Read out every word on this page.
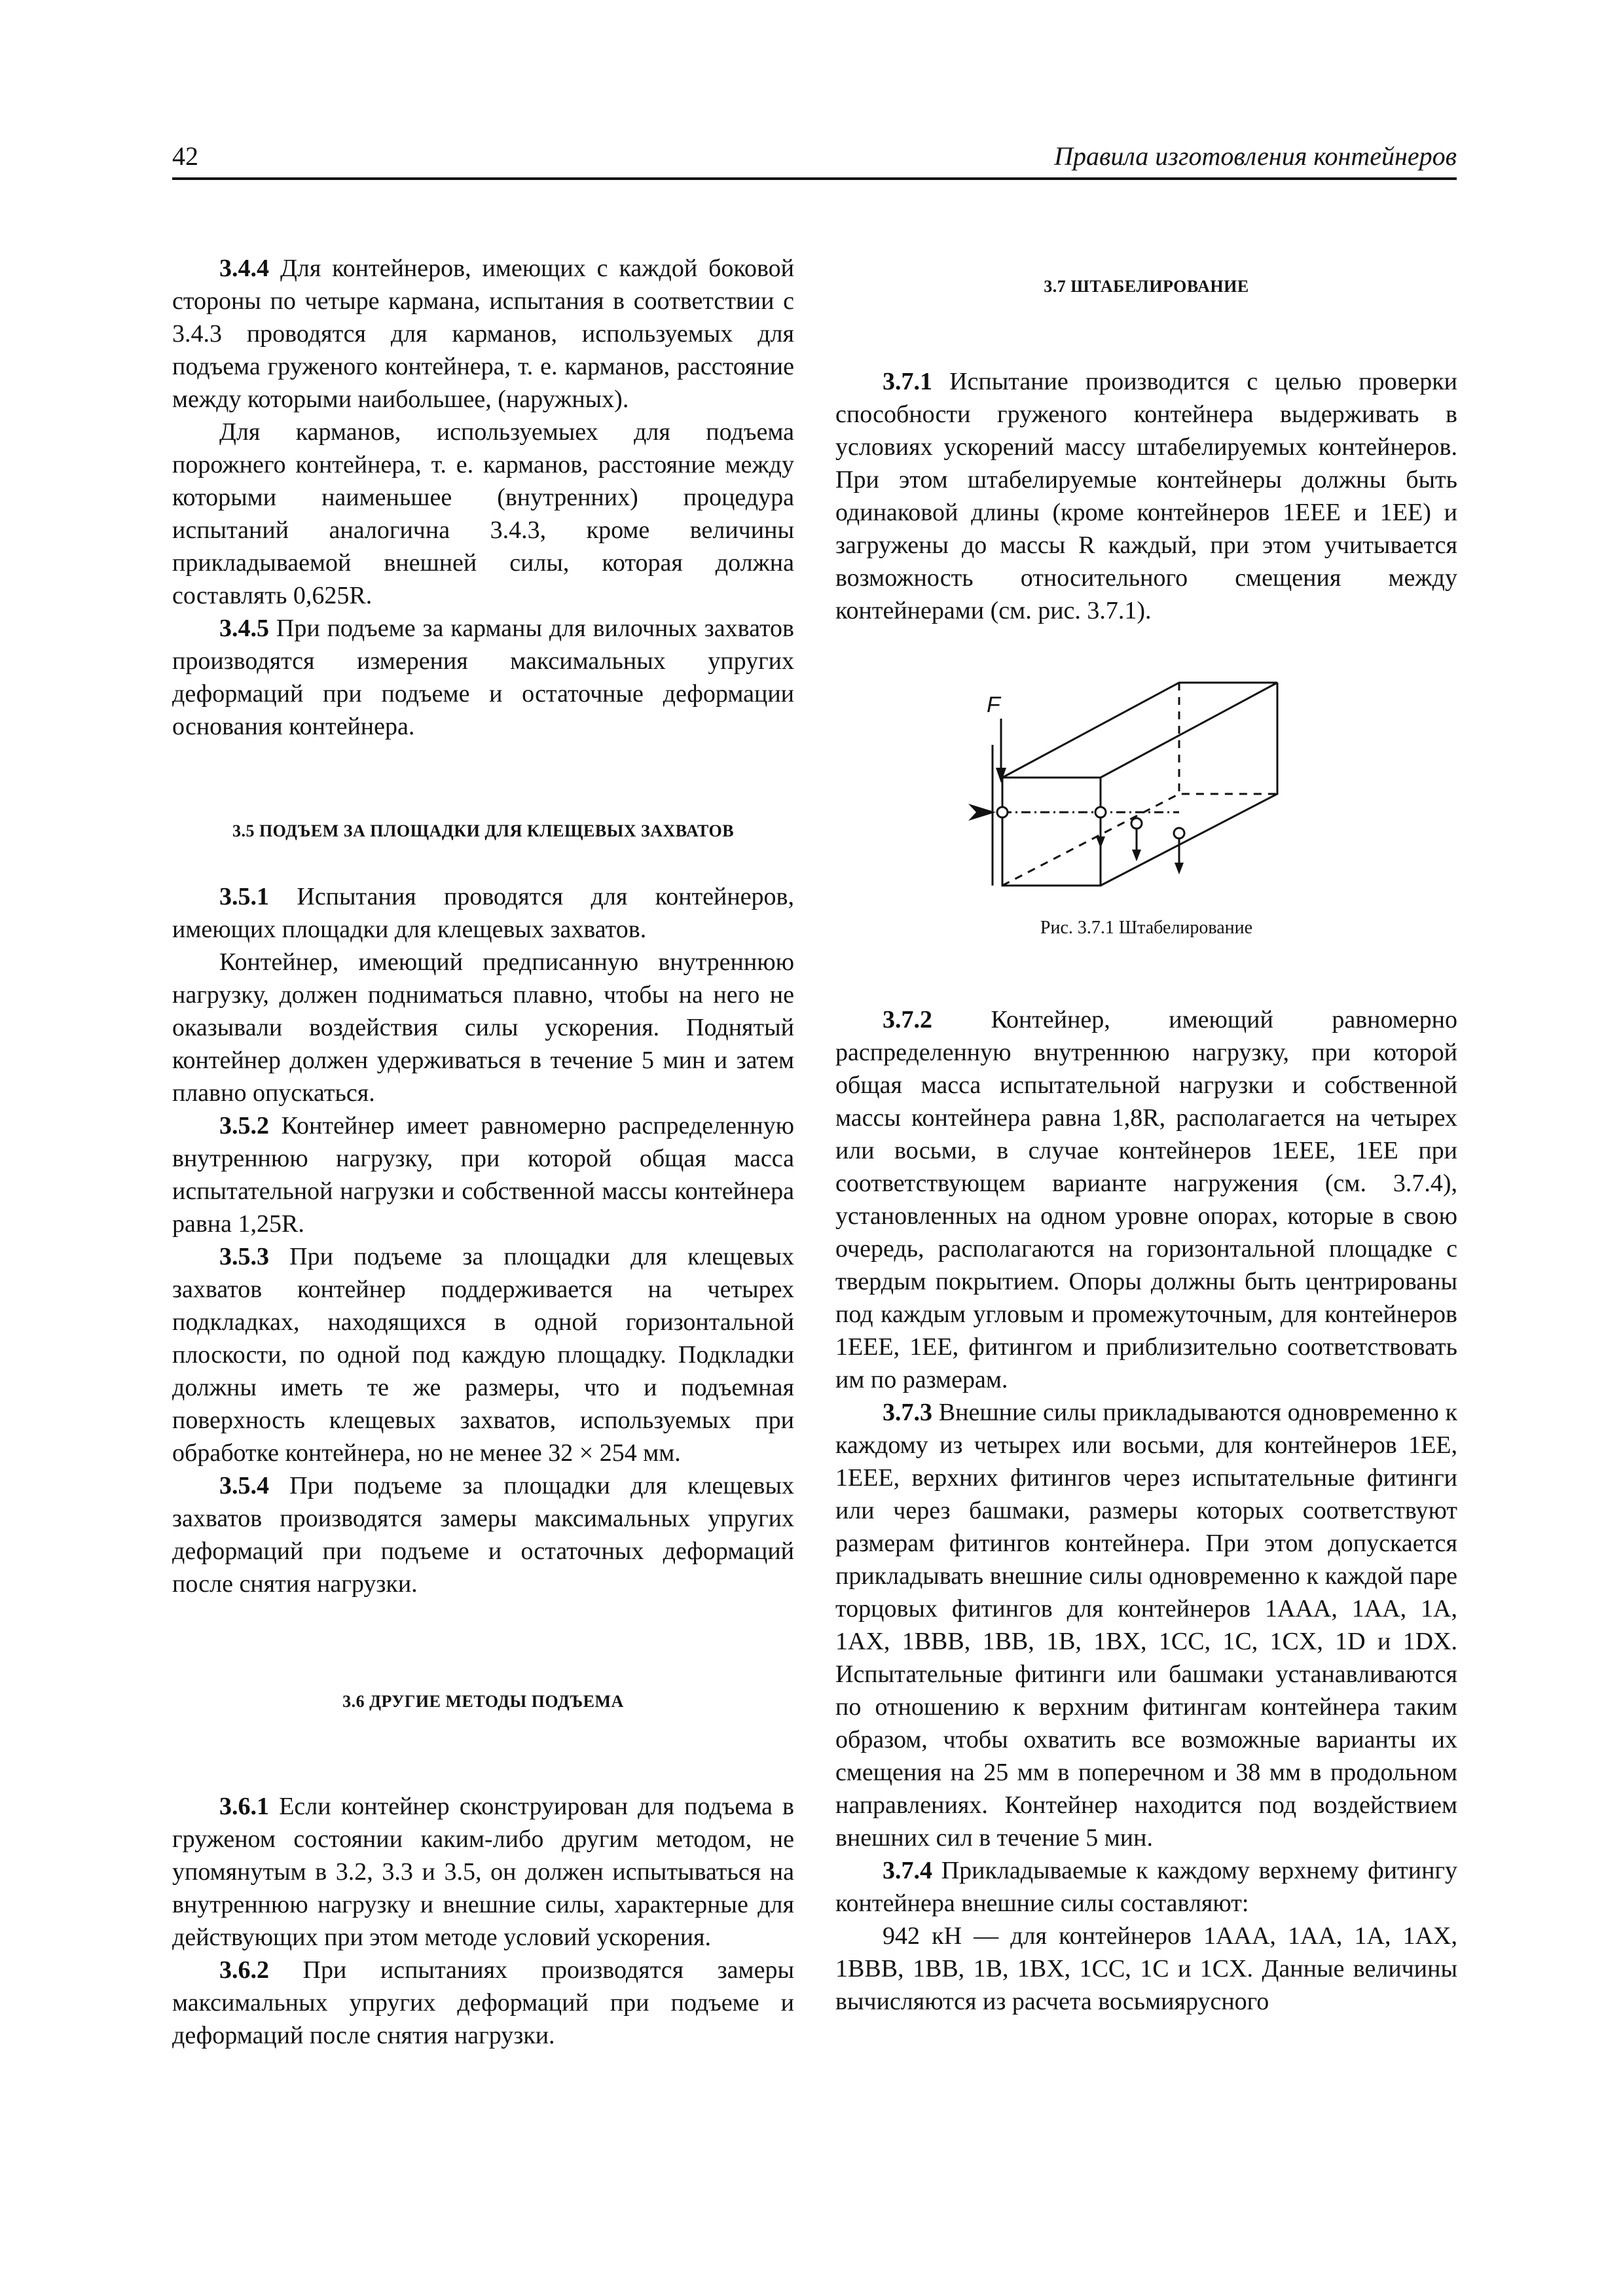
42	Правила изготовления контейнеров

3.4.4 Для контейнеров, имеющих с каждой боковой стороны по четыре кармана, испытания в соответствии с 3.4.3 проводятся для карманов, используемых для подъема груженого контейнера, т. е. карманов, расстояние между которыми наибольшее, (наружных).

Для карманов, используемыех для подъема порожнего контейнера, т. е. карманов, расстояние между которыми наименьшее (внутренних) процедура испытаний аналогична 3.4.3, кроме величины прикладываемой внешней силы, которая должна составлять 0,625R.

3.4.5 При подъеме за карманы для вилочных захватов производятся измерения максимальных упругих деформаций при подъеме и остаточные деформации основания контейнера.

3.5 ПОДЪЕМ ЗА ПЛОЩАДКИ ДЛЯ КЛЕЩЕВЫХ ЗАХВАТОВ

3.5.1 Испытания проводятся для контейнеров, имеющих площадки для клещевых захватов.

Контейнер, имеющий предписанную внутреннюю нагрузку, должен подниматься плавно, чтобы на него не оказывали воздействия силы ускорения. Поднятый контейнер должен удерживаться в течение 5 мин и затем плавно опускаться.

3.5.2 Контейнер имеет равномерно распределенную внутреннюю нагрузку, при которой общая масса испытательной нагрузки и собственной массы контейнера равна 1,25R.

3.5.3 При подъеме за площадки для клещевых захватов контейнер поддерживается на четырех подкладках, находящихся в одной горизонтальной плоскости, по одной под каждую площадку. Подкладки должны иметь те же размеры, что и подъемная поверхность клещевых захватов, используемых при обработке контейнера, но не менее 32 × 254 мм.

3.5.4 При подъеме за площадки для клещевых захватов производятся замеры максимальных упругих деформаций при подъеме и остаточных деформаций после снятия нагрузки.

3.6 ДРУГИЕ МЕТОДЫ ПОДЪЕМА

3.6.1 Если контейнер сконструирован для подъема в груженом состоянии каким-либо другим методом, не упомянутым в 3.2, 3.3 и 3.5, он должен испытываться на внутреннюю нагрузку и внешние силы, характерные для действующих при этом методе условий ускорения.

3.6.2 При испытаниях производятся замеры максимальных упругих деформаций при подъеме и деформаций после снятия нагрузки.

3.7 ШТАБЕЛИРОВАНИЕ

3.7.1 Испытание производится с целью проверки способности груженого контейнера выдерживать в условиях ускорений массу штабелируемых контейнеров. При этом штабелируемые контейнеры должны быть одинаковой длины (кроме контейнеров 1EEE и 1EE) и загружены до массы R каждый, при этом учитывается возможность относительного смещения между контейнерами (см. рис. 3.7.1).

F
Рис. 3.7.1 Штабелирование

3.7.2 Контейнер, имеющий равномерно распределенную внутреннюю нагрузку, при которой общая масса испытательной нагрузки и собственной массы контейнера равна 1,8R, располагается на четырех или восьми, в случае контейнеров 1EEE, 1EE при соответствующем варианте нагружения (см. 3.7.4), установленных на одном уровне опорах, которые в свою очередь, располагаются на горизонтальной площадке с твердым покрытием. Опоры должны быть центрированы под каждым угловым и промежуточным, для контейнеров 1EEE, 1EE, фитингом и приблизительно соответствовать им по размерам.

3.7.3 Внешние силы прикладываются одновременно к каждому из четырех или восьми, для контейнеров 1EE, 1EEE, верхних фитингов через испытательные фитинги или через башмаки, размеры которых соответствуют размерам фитингов контейнера. При этом допускается прикладывать внешние силы одновременно к каждой паре торцовых фитингов для контейнеров 1AAA, 1AA, 1A, 1AX, 1BBB, 1BB, 1B, 1BX, 1CC, 1C, 1CX, 1D и 1DX. Испытательные фитинги или башмаки устанавливаются по отношению к верхним фитингам контейнера таким образом, чтобы охватить все возможные варианты их смещения на 25 мм в поперечном и 38 мм в продольном направлениях. Контейнер находится под воздействием внешних сил в течение 5 мин.

3.7.4 Прикладываемые к каждому верхнему фитингу контейнера внешние силы составляют:

942 кН — для контейнеров 1AAA, 1AA, 1A, 1AX, 1BBB, 1BB, 1B, 1BX, 1CC, 1C и 1CX. Данные величины вычисляются из расчета восьмиярусного
